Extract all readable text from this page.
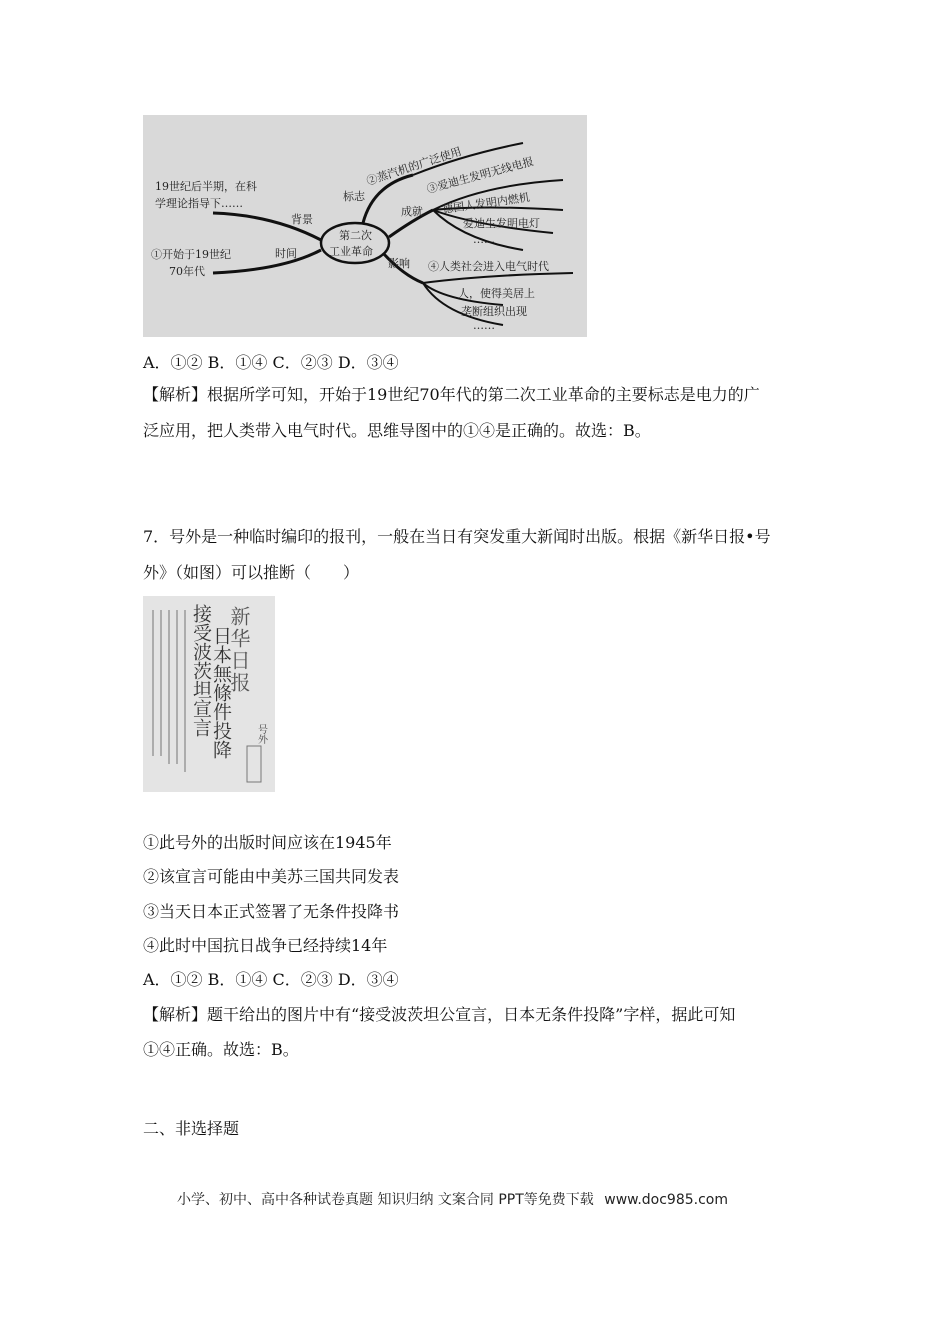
第二次
工业革命
19世纪后半期，在科
学理论指导下……
①开始于19世纪
70年代
背景
时间
标志
②蒸汽机的广泛使用
成就
③爱迪生发明无线电报
德国人发明内燃机
爱迪生发明电灯
……
影响 ④人类社会进入电气时代
人，使得美居上
垄断组织出现
……
A．①② B．①④ C．②③ D．③④
【解析】根据所学可知，开始于19世纪70年代的第二次工业革命的主要标志是电力的广
泛应用，把人类带入电气时代。思维导图中的①④是正确的。故选：B。
7．号外是一种临时编印的报刊，一般在当日有突发重大新闻时出版。根据《新华日报•号
外》（如图）可以推断（　　）
新华日报
接受波茨坦宣言
日本無條件投降 号外
①此号外的出版时间应该在1945年
②该宣言可能由中美苏三国共同发表
③当天日本正式签署了无条件投降书
④此时中国抗日战争已经持续14年
A．①② B．①④ C．②③ D．③④
【解析】题干给出的图片中有“接受波茨坦公宣言，日本无条件投降”字样，据此可知
①④正确。故选：B。
二、非选择题
小学、初中、高中各种试卷真题 知识归纳 文案合同 PPT等免费下载 www.doc985.com
